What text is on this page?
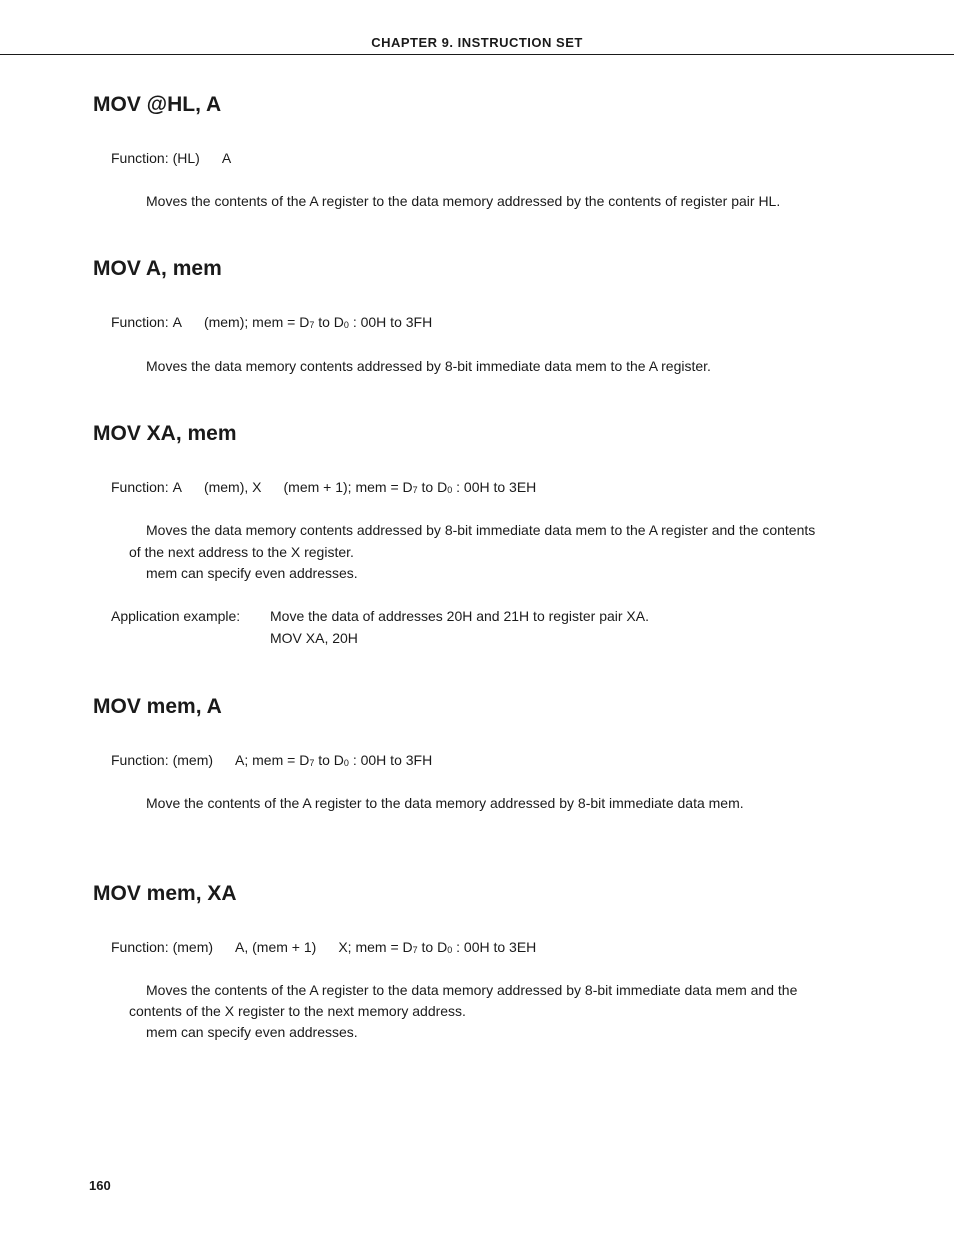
CHAPTER 9. INSTRUCTION SET
MOV @HL, A
Function: (HL) A
Moves the contents of the A register to the data memory addressed by the contents of register pair HL.
MOV A, mem
Function: A (mem); mem = $D_7$ to $D_0$ : 00H to 3FH
Moves the data memory contents addressed by 8-bit immediate data mem to the A register.
MOV XA, mem
Function: A (mem), X (mem + 1); mem = $D_7$ to $D_0$ : 00H to 3EH
Moves the data memory contents addressed by 8-bit immediate data mem to the A register and the contents
of the next address to the X register.
mem can specify even addresses.
Application example: Move the data of addresses 20H and 21H to register pair XA.
MOV XA, 20H
MOV mem, A
Function: (mem) A; mem = $D_7$ to $D_0$ : 00H to 3FH
Move the contents of the A register to the data memory addressed by 8-bit immediate data mem.
MOV mem, XA
Function: (mem) A, (mem + 1) X; mem = $D_7$ to $D_0$ : 00H to 3EH
Moves the contents of the A register to the data memory addressed by 8-bit immediate data mem and the
contents of the X register to the next memory address.
mem can specify even addresses.
160
